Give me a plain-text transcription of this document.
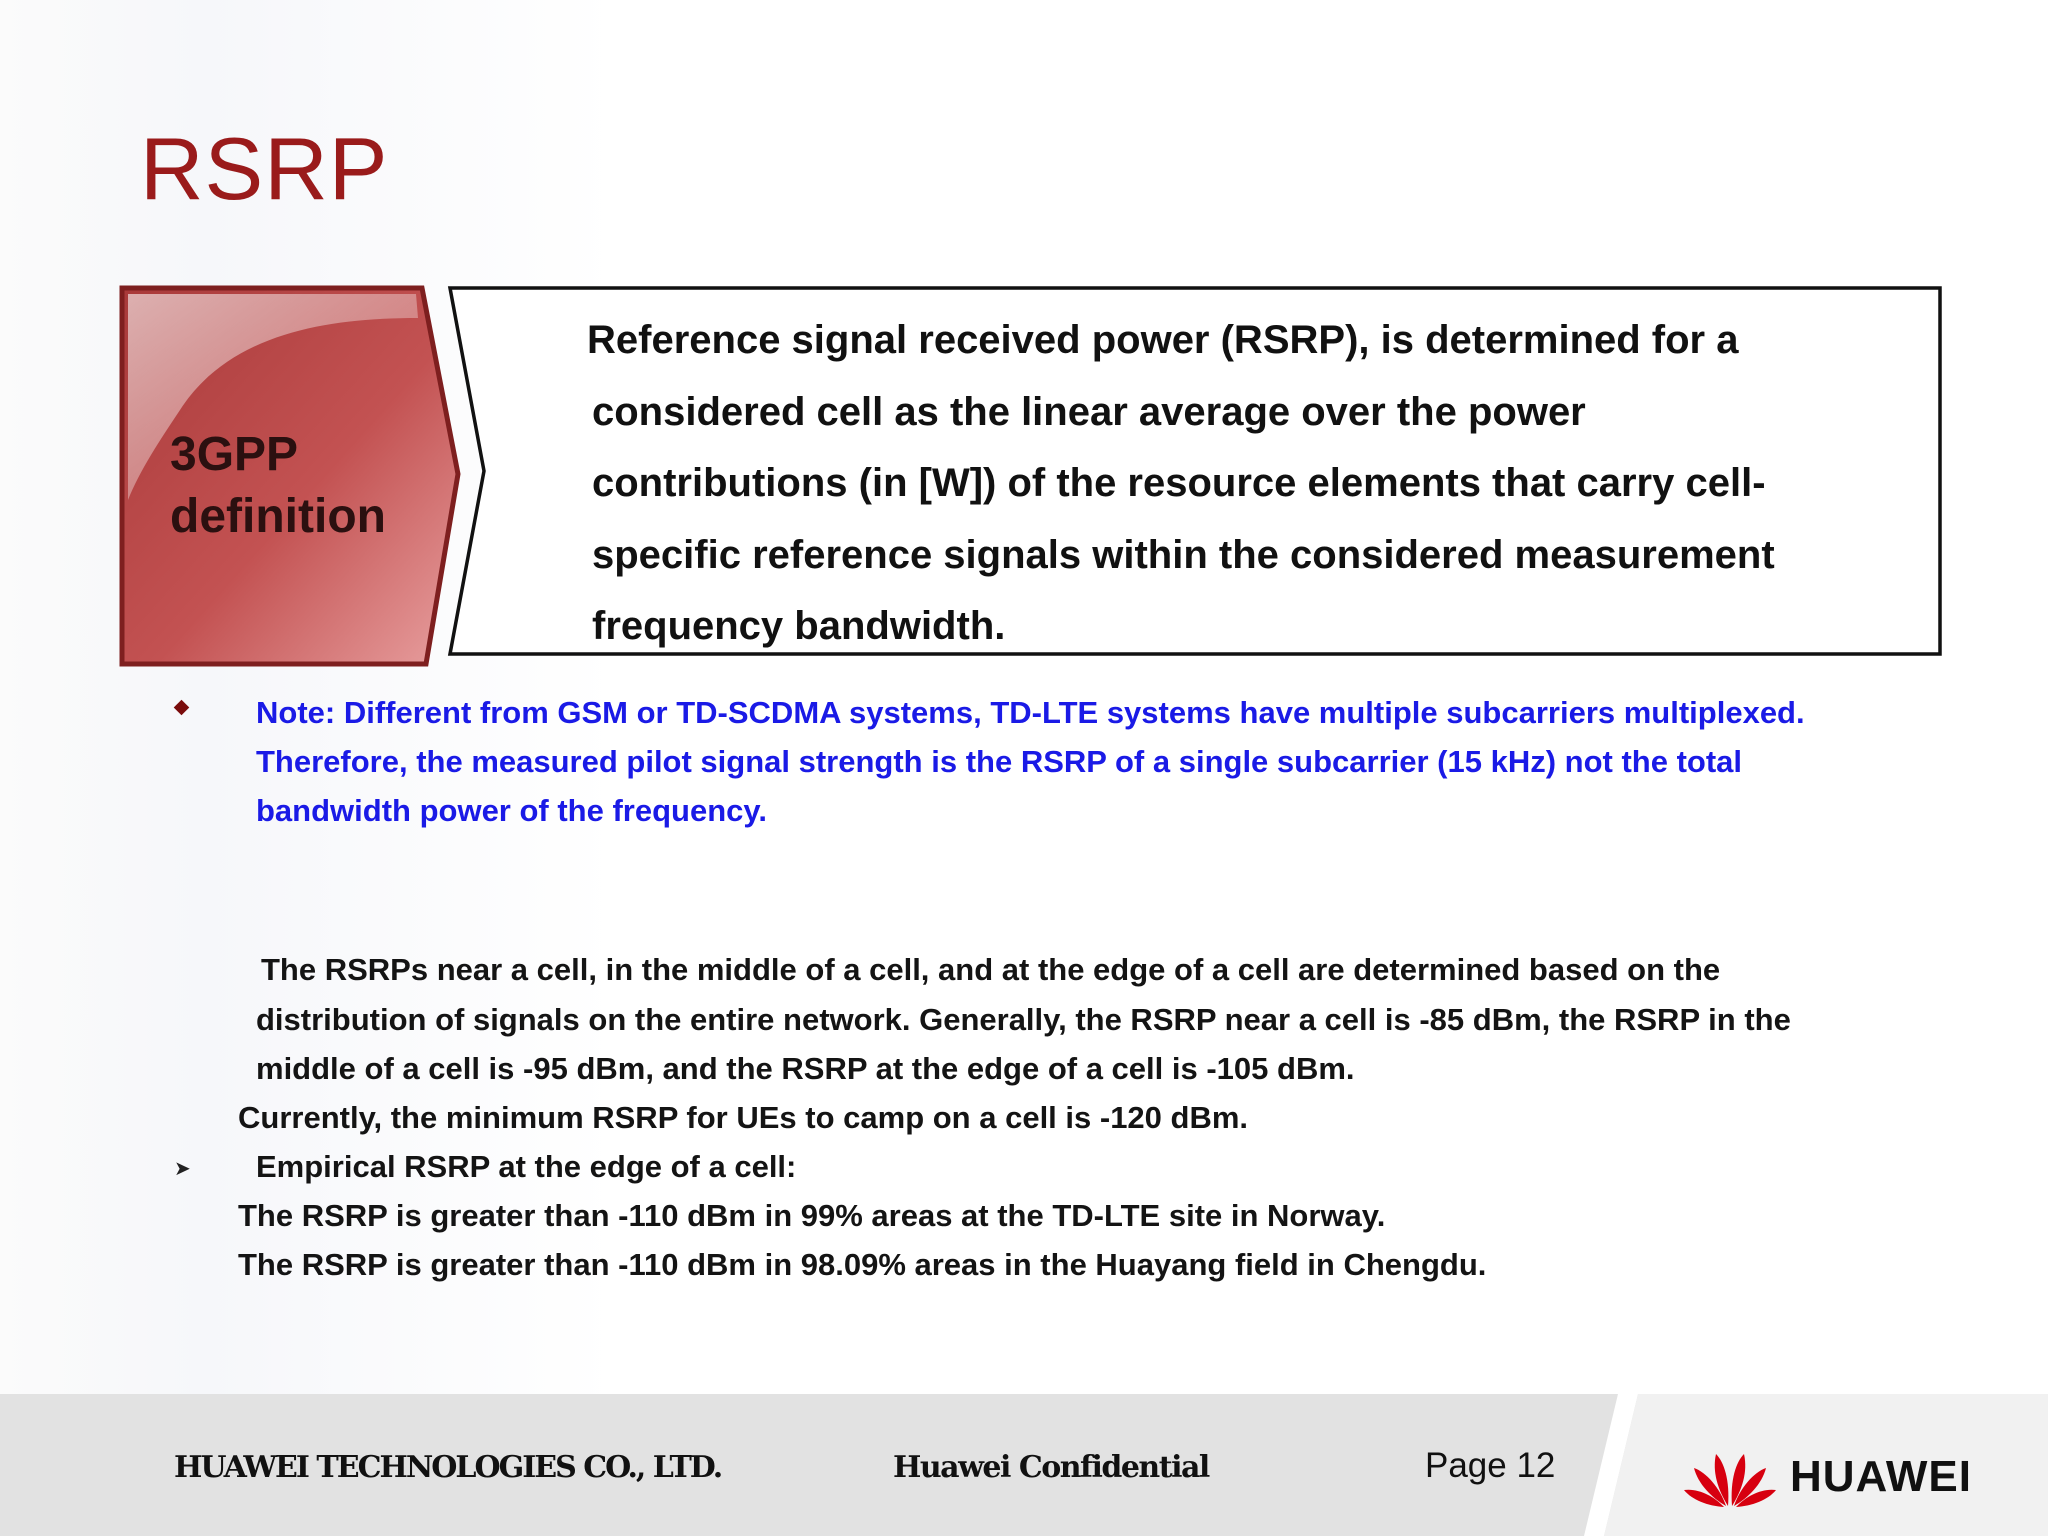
RSRP
3GPP
definition

Reference signal received power (RSRP), is determined for a

considered cell as the linear average over the power

contributions (in [W]) of the resource elements that carry cell-

specific reference signals within the considered measurement

frequency bandwidth.

Note: Different from GSM or TD-SCDMA systems, TD-LTE systems have multiple subcarriers multiplexed.

Therefore, the measured pilot signal strength is the RSRP of a single subcarrier (15 kHz) not the total

bandwidth power of the frequency.

The RSRPs near a cell, in the middle of a cell, and at the edge of a cell are determined based on the

distribution of signals on the entire network. Generally, the RSRP near a cell is -85 dBm, the RSRP in the

middle of a cell is -95 dBm, and the RSRP at the edge of a cell is -105 dBm.

Currently, the minimum RSRP for UEs to camp on a cell is -120 dBm.

➤ Empirical RSRP at the edge of a cell:

The RSRP is greater than -110 dBm in 99% areas at the TD-LTE site in Norway.

The RSRP is greater than -110 dBm in 98.09% areas in the Huayang field in Chengdu.

HUAWEI TECHNOLOGIES CO., LTD.	Huawei Confidential	Page 12	HUAWEI
